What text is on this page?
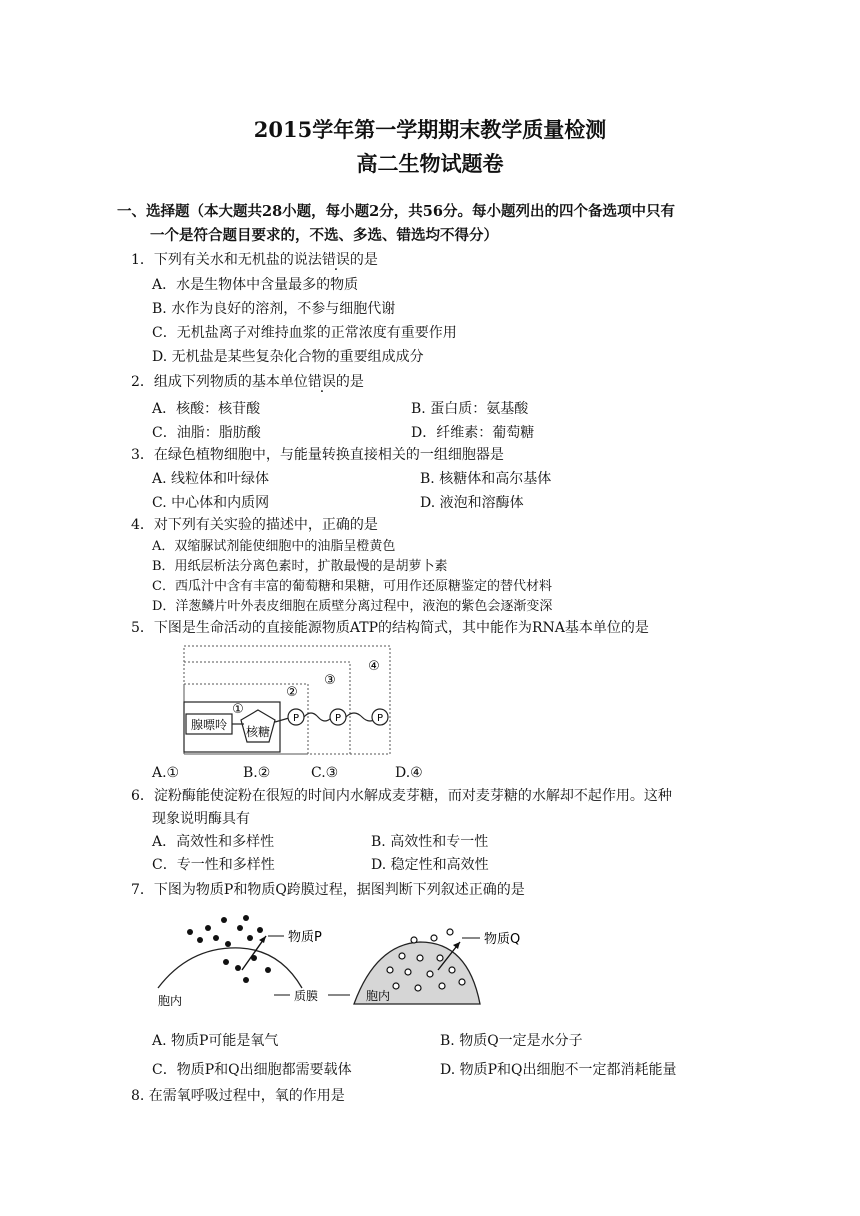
2015学年第一学期期末教学质量检测
高二生物试题卷
一、选择题（本大题共28小题，每小题2分，共56分。每小题列出的四个备选项中只有
一个是符合题目要求的，不选、多选、错选均不得分）
1．下列有关水和无机盐的说法错误的是
A．水是生物体中含量最多的物质
B. 水作为良好的溶剂，不参与细胞代谢
C．无机盐离子对维持血浆的正常浓度有重要作用
D. 无机盐是某些复杂化合物的重要组成成分
2．组成下列物质的基本单位错误的是
A．核酸：核苷酸	B. 蛋白质：氨基酸
C．油脂：脂肪酸	D．纤维素：葡萄糖
3．在绿色植物细胞中，与能量转换直接相关的一组细胞器是
A. 线粒体和叶绿体	B. 核糖体和高尔基体
C. 中心体和内质网	D. 液泡和溶酶体
4．对下列有关实验的描述中，正确的是
A．双缩脲试剂能使细胞中的油脂呈橙黄色
B．用纸层析法分离色素时，扩散最慢的是胡萝卜素
C．西瓜汁中含有丰富的葡萄糖和果糖，可用作还原糖鉴定的替代材料
D．洋葱鳞片叶外表皮细胞在质壁分离过程中，液泡的紫色会逐渐变深
5．下图是生命活动的直接能源物质ATP的结构简式，其中能作为RNA基本单位的是
腺嘌呤 核糖
P	P	P
①
②
③
④
A.①	B.②	C.③	D.④
6．淀粉酶能使淀粉在很短的时间内水解成麦芽糖，而对麦芽糖的水解却不起作用。这种
现象说明酶具有
A．高效性和多样性	B. 高效性和专一性
C．专一性和多样性	D. 稳定性和高效性
7．下图为物质P和物质Q跨膜过程，据图判断下列叙述正确的是
物质P
胞内	质膜
物质Q
胞内
A. 物质P可能是氧气	B. 物质Q一定是水分子
C．物质P和Q出细胞都需要载体	D. 物质P和Q出细胞不一定都消耗能量
8. 在需氧呼吸过程中，氧的作用是
